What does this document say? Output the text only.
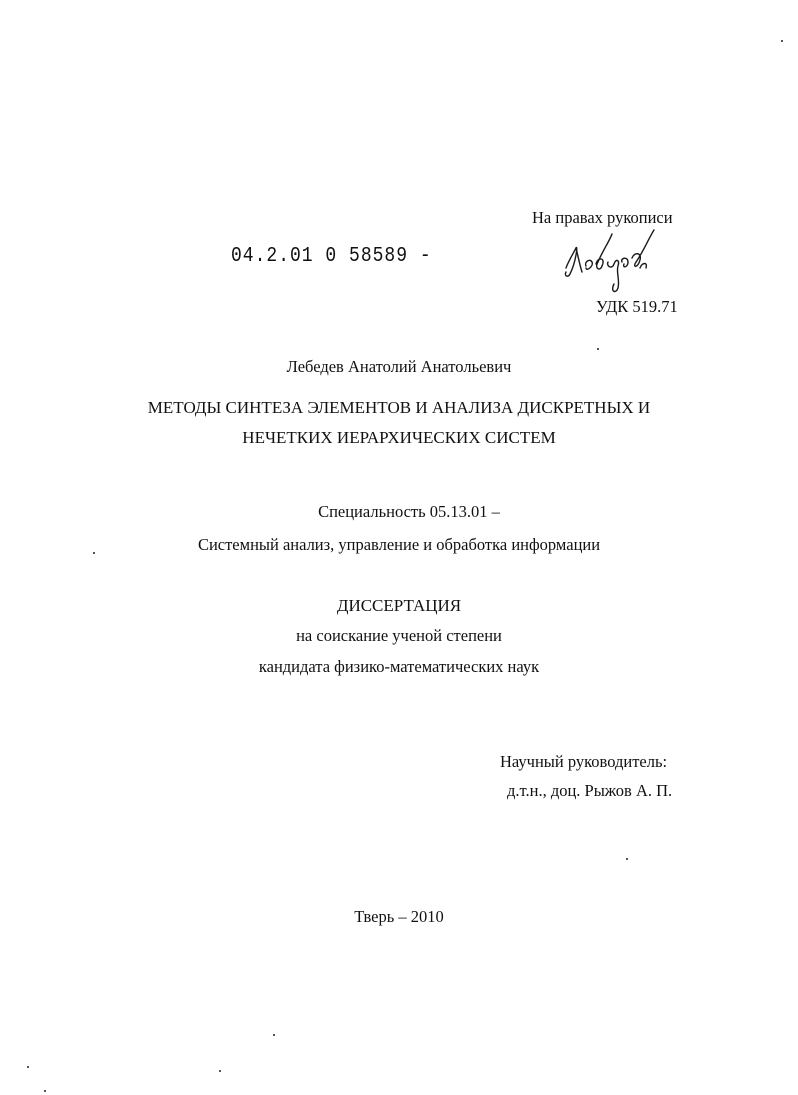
На правах рукописи
04.2.01 0 58589 -
УДК 519.71
Лебедев Анатолий Анатольевич
МЕТОДЫ СИНТЕЗА ЭЛЕМЕНТОВ И АНАЛИЗА ДИСКРЕТНЫХ И
НЕЧЕТКИХ ИЕРАРХИЧЕСКИХ СИСТЕМ
Специальность 05.13.01 –
Системный анализ, управление и обработка информации
ДИССЕРТАЦИЯ
на соискание ученой степени
кандидата физико-математических наук
Научный руководитель:
д.т.н., доц. Рыжов А. П.
Тверь – 2010
